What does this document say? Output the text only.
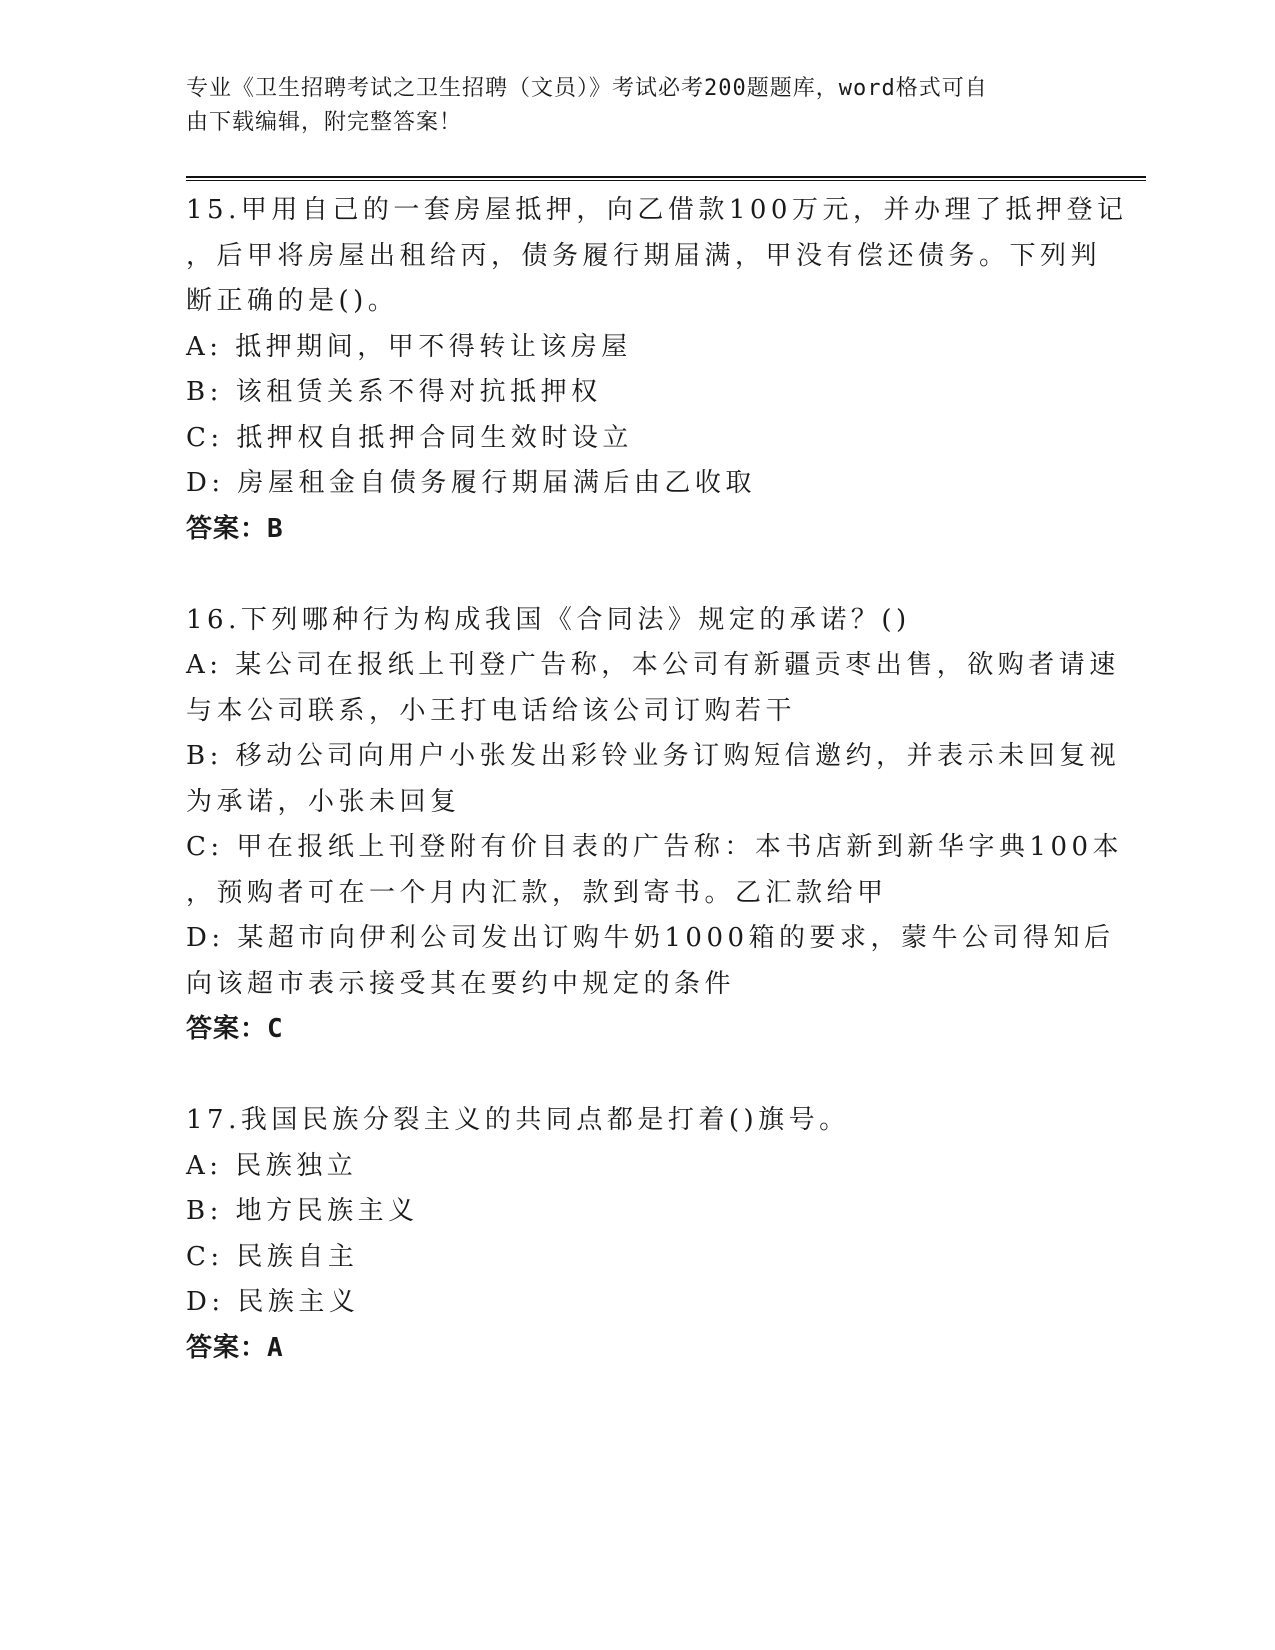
专业《卫生招聘考试之卫生招聘（文员）》考试必考200题题库，word格式可自
由下载编辑，附完整答案！
15.甲用自己的一套房屋抵押，向乙借款100万元，并办理了抵押登记
，后甲将房屋出租给丙，债务履行期届满，甲没有偿还债务。下列判
断正确的是()。
A: 抵押期间，甲不得转让该房屋
B: 该租赁关系不得对抗抵押权
C: 抵押权自抵押合同生效时设立
D: 房屋租金自债务履行期届满后由乙收取
答案：B
16.下列哪种行为构成我国《合同法》规定的承诺？()
A: 某公司在报纸上刊登广告称，本公司有新疆贡枣出售，欲购者请速
与本公司联系，小王打电话给该公司订购若干
B: 移动公司向用户小张发出彩铃业务订购短信邀约，并表示未回复视
为承诺，小张未回复
C: 甲在报纸上刊登附有价目表的广告称：本书店新到新华字典100本
，预购者可在一个月内汇款，款到寄书。乙汇款给甲
D: 某超市向伊利公司发出订购牛奶1000箱的要求，蒙牛公司得知后
向该超市表示接受其在要约中规定的条件
答案：C
17.我国民族分裂主义的共同点都是打着()旗号。
A: 民族独立
B: 地方民族主义
C: 民族自主
D: 民族主义
答案：A
